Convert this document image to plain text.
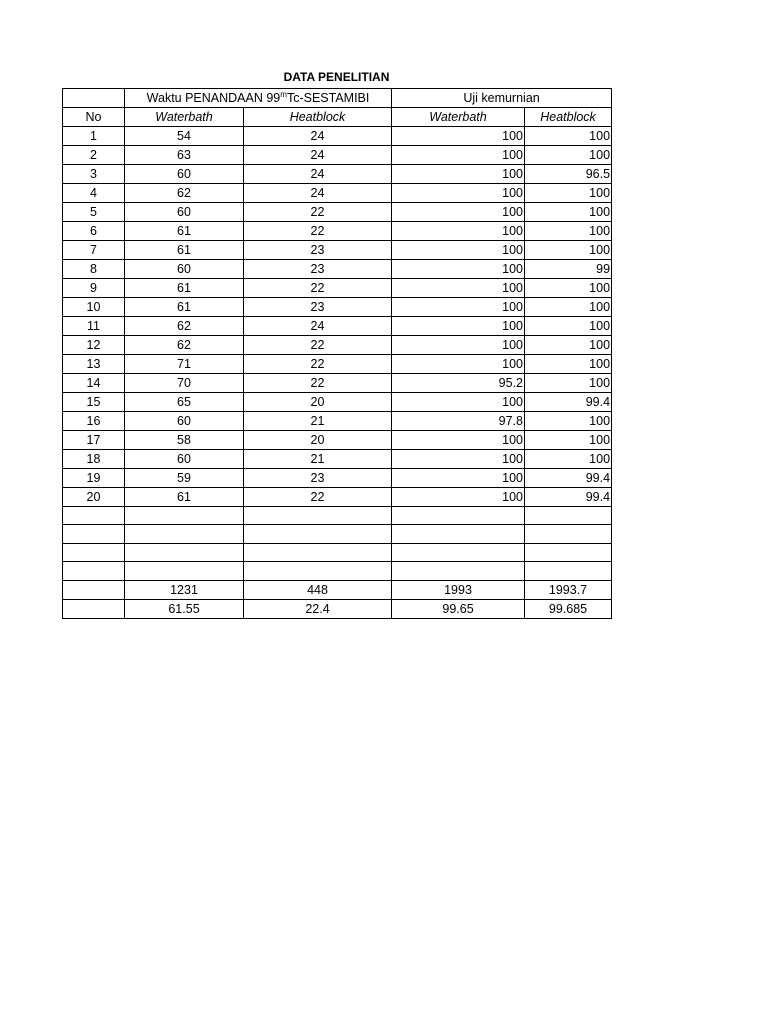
DATA PENELITIAN
	Waktu PENANDAAN 99$^m$Tc-SESTAMIBI		Uji kemurnian	
No	Waterbath	Heatblock	Waterbath	Heatblock
1	54	24	100	100
2	63	24	100	100
3	60	24	100	96.5
4	62	24	100	100
5	60	22	100	100
6	61	22	100	100
7	61	23	100	100
8	60	23	100	99
9	61	22	100	100
10	61	23	100	100
11	62	24	100	100
12	62	22	100	100
13	71	22	100	100
14	70	22	95.2	100
15	65	20	100	99.4
16	60	21	97.8	100
17	58	20	100	100
18	60	21	100	100
19	59	23	100	99.4
20	61	22	100	99.4

	1231	448	1993	1993.7
	61.55	22.4	99.65	99.685
